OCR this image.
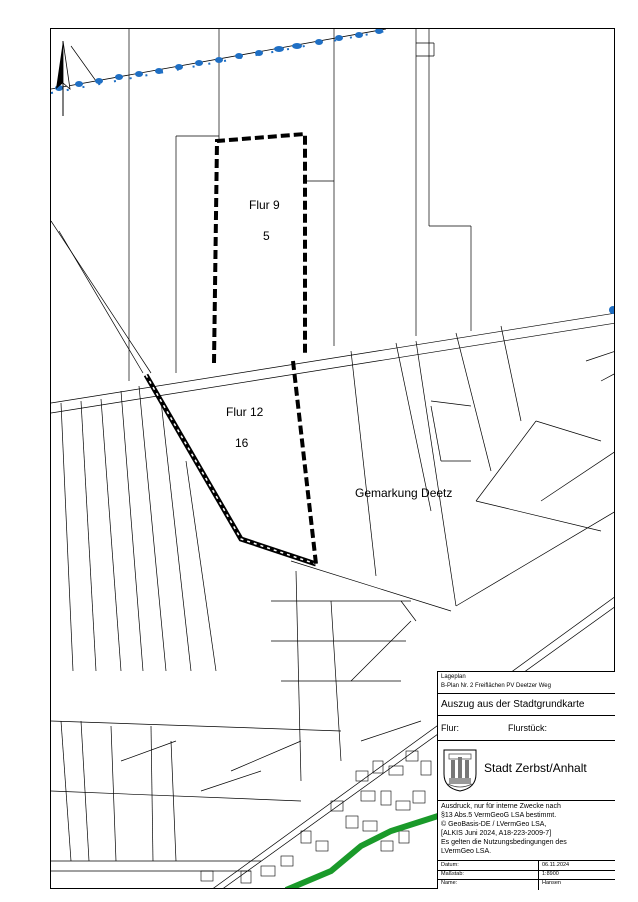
Flur 9
5
Flur 12
16
Gemarkung Deetz
Lageplan
B-Plan Nr. 2 Freiflächen PV Deetzer Weg
Auszug aus der Stadtgrundkarte
Flur:	Flurstück:
Stadt Zerbst/Anhalt
Ausdruck, nur für interne Zwecke nach
§13 Abs.5 VermGeoG LSA bestimmt.
© GeoBasis-DE / LVermGeo LSA,
[ALKIS Juni 2024, A18-223-2009-7]
Es gelten die Nutzungsbedingungen des
LVermGeo LSA.
Datum:	06.11.2024
Maßstab:	1:8900
Name:	Hansen
